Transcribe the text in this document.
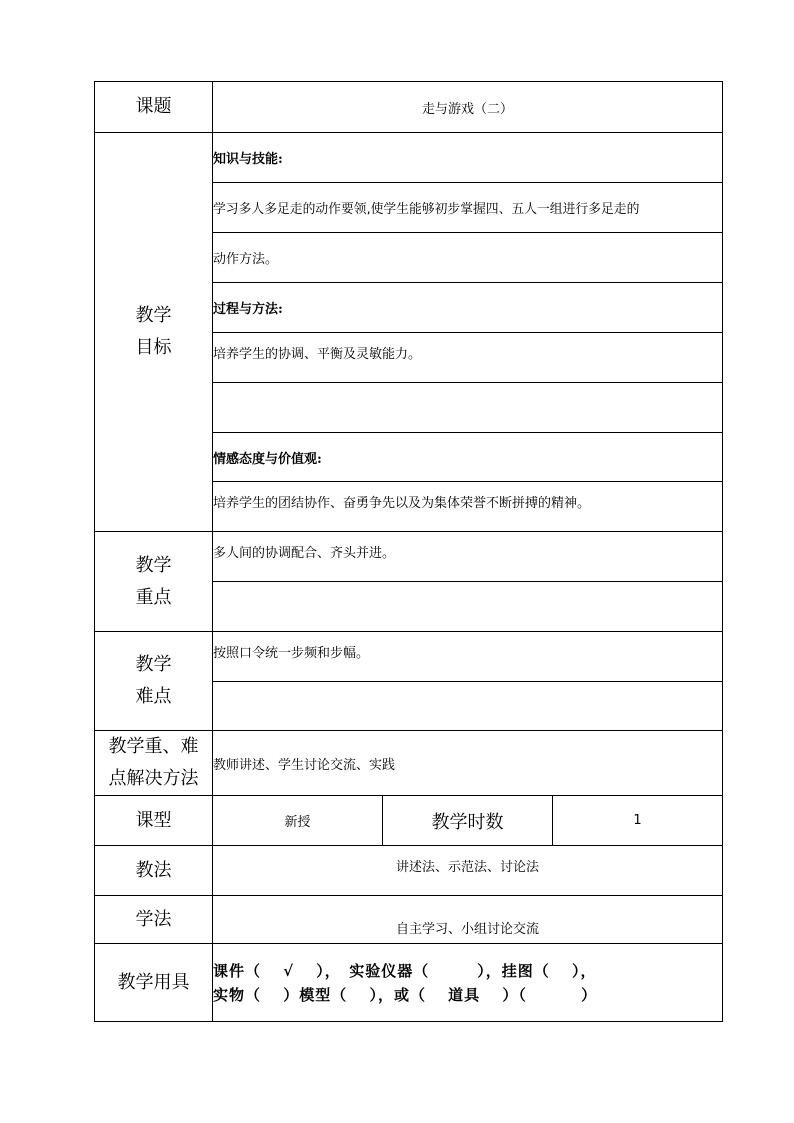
课题	走与游戏（二）		

教学目标	知识与技能:		
	学习多人多足走的动作要领,使学生能够初步掌握四、五人一组进行多足走的		
	动作方法。		
	过程与方法:		
	培养学生的协调、平衡及灵敏能力。		

	情感态度与价值观:		
	培养学生的团结协作、奋勇争先以及为集体荣誉不断拼搏的精神。		

教学重点	多人间的协调配合、齐头并进。		

教学难点	按照口令统一步频和步幅。		

教学重、难点解决方法	教师讲述、学生讨论交流、实践		
课型	新授	教学时数	1
教法	讲述法、示范法、讨论法		
学法	自主学习、小组讨论交流		
教学用具	课件（　 √　 ），　实验仪器（　　　），挂图（　 ），
实物（　 ）模型（　 ），或（　 道具　 ）（　　　 ）		
